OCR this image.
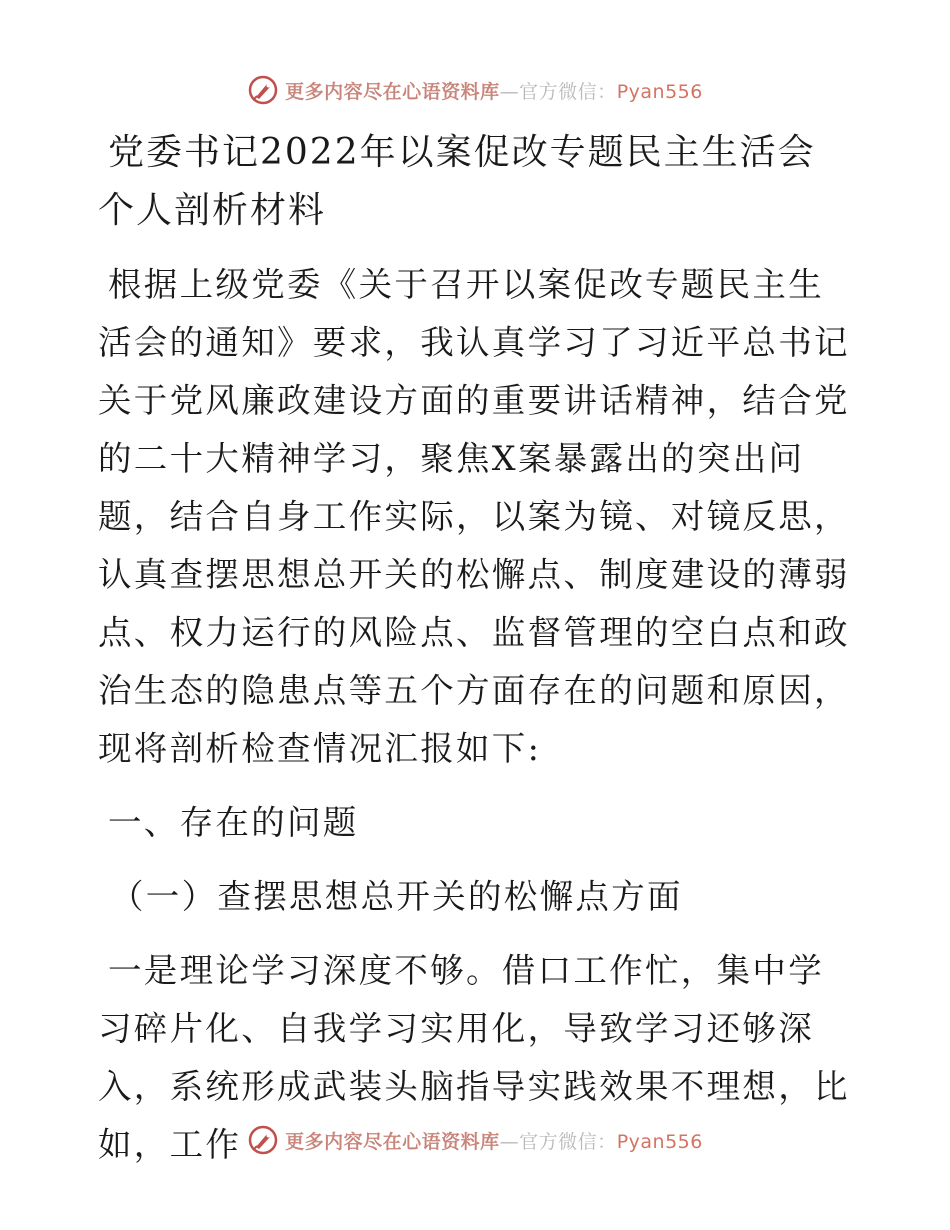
更多内容尽在心语资料库—官方微信：Pyan556
党委书记2022年以案促改专题民主生活会个人剖析材料

根据上级党委《关于召开以案促改专题民主生活会的通知》要求，我认真学习了习近平总书记关于党风廉政建设方面的重要讲话精神，结合党的二十大精神学习，聚焦X案暴露出的突出问题，结合自身工作实际，以案为镜、对镜反思，认真查摆思想总开关的松懈点、制度建设的薄弱点、权力运行的风险点、监督管理的空白点和政治生态的隐患点等五个方面存在的问题和原因，现将剖析检查情况汇报如下:

一、存在的问题

（一）查摆思想总开关的松懈点方面

一是理论学习深度不够。借口工作忙，集中学习碎片化、自我学习实用化，导致学习还够深入，系统形成武装头脑指导实践效果不理想，比如，工作	更多内容尽在心语资料库—官方微信：Pyan556
